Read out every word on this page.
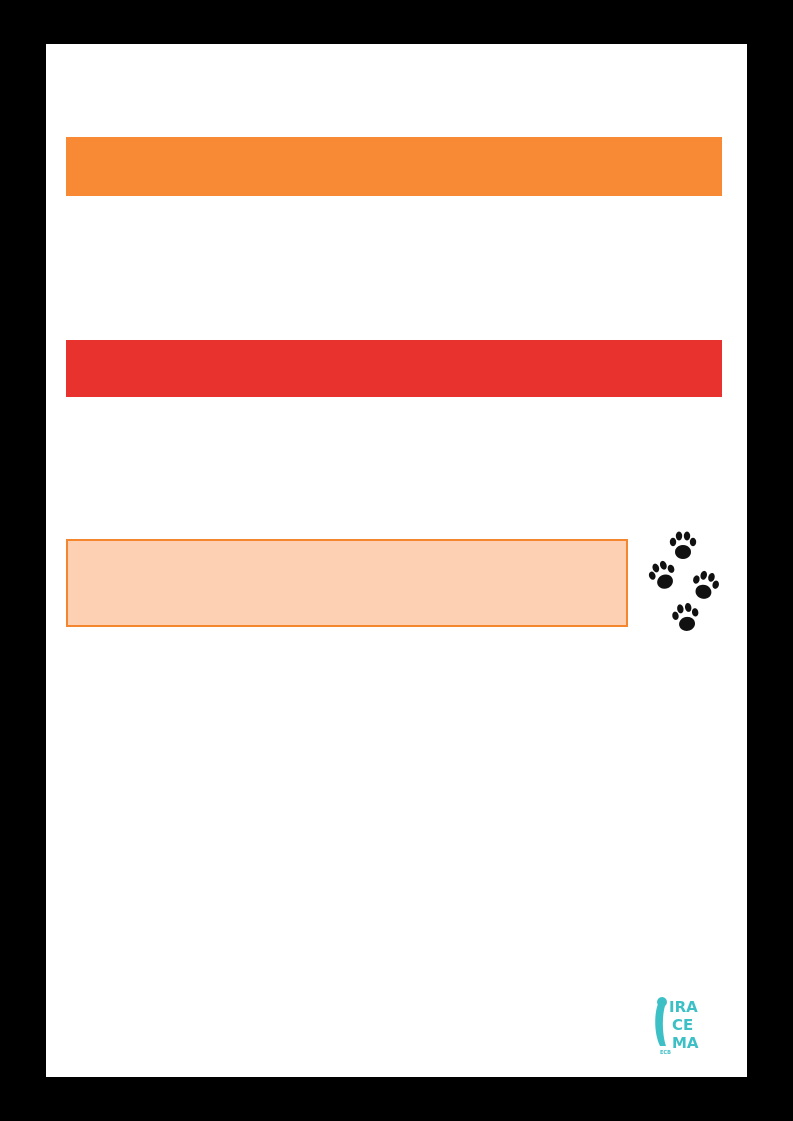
IRA
CE
MA
ECB
